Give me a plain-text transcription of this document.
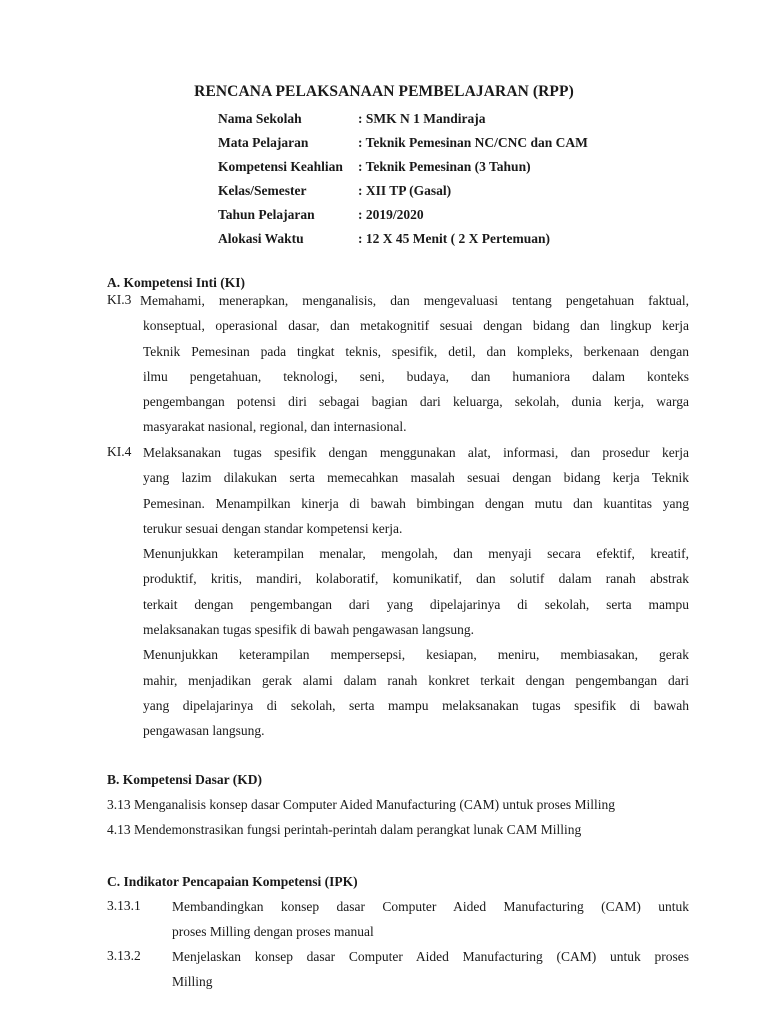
RENCANA PELAKSANAAN PEMBELAJARAN (RPP)
Nama Sekolah	: SMK N 1 Mandiraja
Mata Pelajaran	: Teknik Pemesinan NC/CNC dan CAM
Kompetensi Keahlian : Teknik Pemesinan (3 Tahun)
Kelas/Semester	: XII TP (Gasal)
Tahun Pelajaran	: 2019/2020
Alokasi Waktu	: 12 X 45 Menit ( 2 X Pertemuan)
A. Kompetensi Inti (KI)
KI.3 Memahami, menerapkan, menganalisis, dan mengevaluasi tentang pengetahuan faktual,
konseptual, operasional dasar, dan metakognitif sesuai dengan bidang dan lingkup kerja
Teknik Pemesinan pada tingkat teknis, spesifik, detil, dan kompleks, berkenaan dengan
ilmu pengetahuan, teknologi, seni, budaya, dan humaniora dalam konteks
pengembangan potensi diri sebagai bagian dari keluarga, sekolah, dunia kerja, warga
masyarakat nasional, regional, dan internasional.
KI.4 Melaksanakan tugas spesifik dengan menggunakan alat, informasi, dan prosedur kerja
yang lazim dilakukan serta memecahkan masalah sesuai dengan bidang kerja Teknik
Pemesinan. Menampilkan kinerja di bawah bimbingan dengan mutu dan kuantitas yang
terukur sesuai dengan standar kompetensi kerja.
Menunjukkan keterampilan menalar, mengolah, dan menyaji secara efektif, kreatif,
produktif, kritis, mandiri, kolaboratif, komunikatif, dan solutif dalam ranah abstrak
terkait dengan pengembangan dari yang dipelajarinya di sekolah, serta mampu
melaksanakan tugas spesifik di bawah pengawasan langsung.
Menunjukkan keterampilan mempersepsi, kesiapan, meniru, membiasakan, gerak
mahir, menjadikan gerak alami dalam ranah konkret terkait dengan pengembangan dari
yang dipelajarinya di sekolah, serta mampu melaksanakan tugas spesifik di bawah
pengawasan langsung.
B. Kompetensi Dasar (KD)
3.13 Menganalisis konsep dasar Computer Aided Manufacturing (CAM) untuk proses Milling
4.13 Mendemonstrasikan fungsi perintah-perintah dalam perangkat lunak CAM Milling
C. Indikator Pencapaian Kompetensi (IPK)
3.13.1 Membandingkan konsep dasar Computer Aided Manufacturing (CAM) untuk
proses Milling dengan proses manual
3.13.2 Menjelaskan konsep dasar Computer Aided Manufacturing (CAM) untuk proses
Milling
